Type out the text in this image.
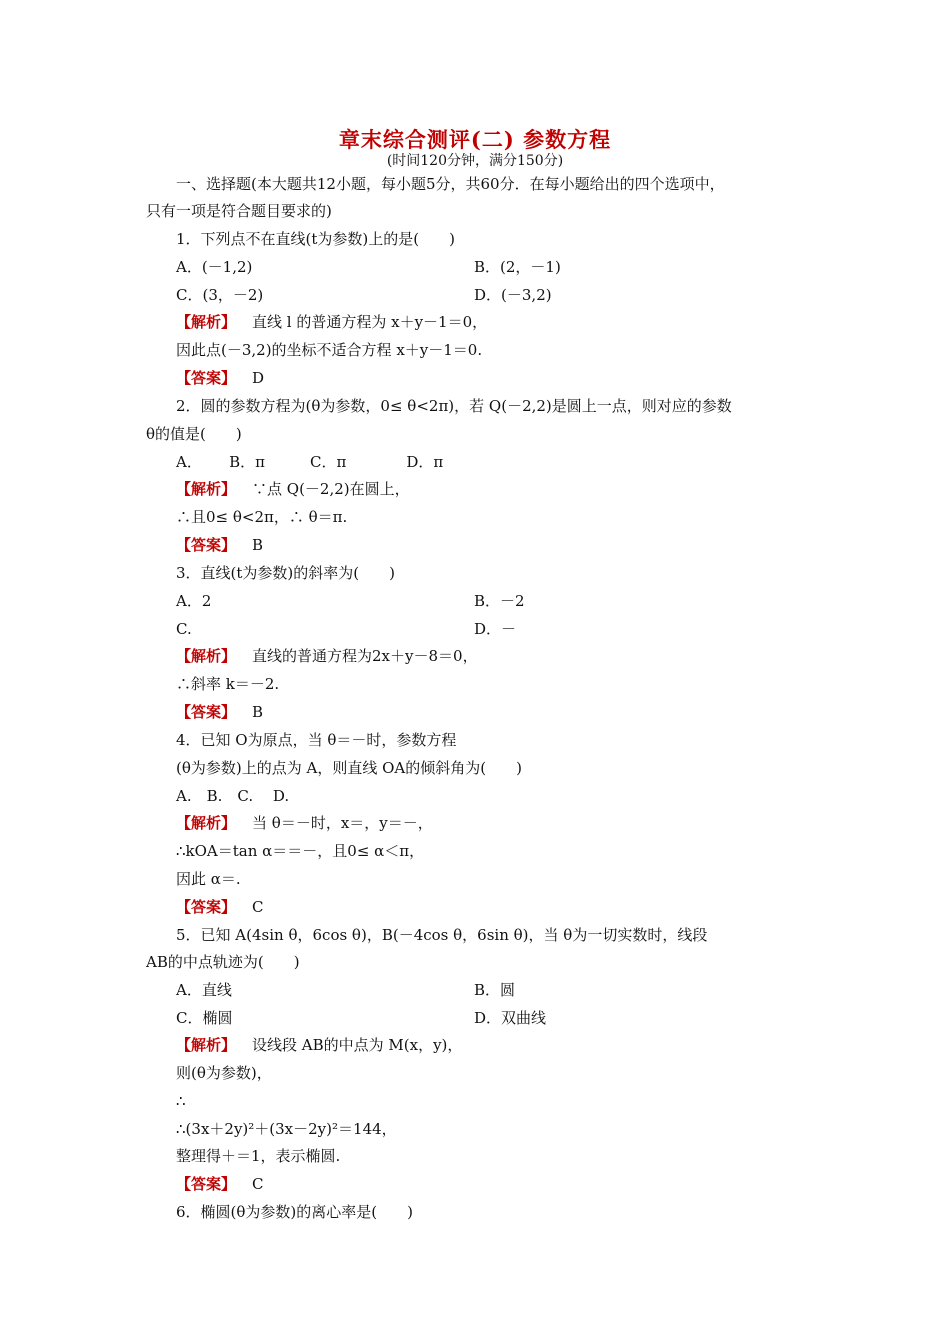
章末综合测评(二) 参数方程
(时间120分钟，满分150分)
一、选择题(本大题共12小题，每小题5分，共60分．在每小题给出的四个选项中，
只有一项是符合题目要求的)
1．下列点不在直线(t为参数)上的是(　　)
A．(－1,2)	B．(2，－1)
C．(3，－2)	D．(－3,2)
【解析】 直线 l 的普通方程为 x＋y－1＝0，
因此点(－3,2)的坐标不适合方程 x＋y－1＝0.
【答案】 D
2．圆的参数方程为(θ为参数，0≤ θ<2π)，若 Q(－2,2)是圆上一点，则对应的参数
θ的值是(　　)
A．　　 B．π　　　C．π　　　　D．π
【解析】 ∵点 Q(－2,2)在圆上，
∴且0≤ θ<2π，∴ θ＝π.
【答案】 B
3．直线(t为参数)的斜率为(　　)
A．2	B．－2
C.	D．－
【解析】 直线的普通方程为2x＋y－8＝0，
∴斜率 k＝－2.
【答案】 B
4．已知 O为原点，当 θ＝－时，参数方程
(θ为参数)上的点为 A，则直线 OA的倾斜角为(　　)
A.　B.　C.　 D.
【解析】 当 θ＝－时，x＝，y＝－，
∴kOA＝tan α＝＝－，且0≤ α＜π，
因此 α＝.
【答案】 C
5．已知 A(4sin θ，6cos θ)，B(－4cos θ，6sin θ)，当 θ为一切实数时，线段
AB的中点轨迹为(　　)
A．直线	B．圆
C．椭圆	D．双曲线
【解析】 设线段 AB的中点为 M(x，y)，
则(θ为参数)，
∴
∴(3x＋2y)²＋(3x－2y)²＝144，
整理得＋＝1，表示椭圆.
【答案】 C
6．椭圆(θ为参数)的离心率是(　　)
